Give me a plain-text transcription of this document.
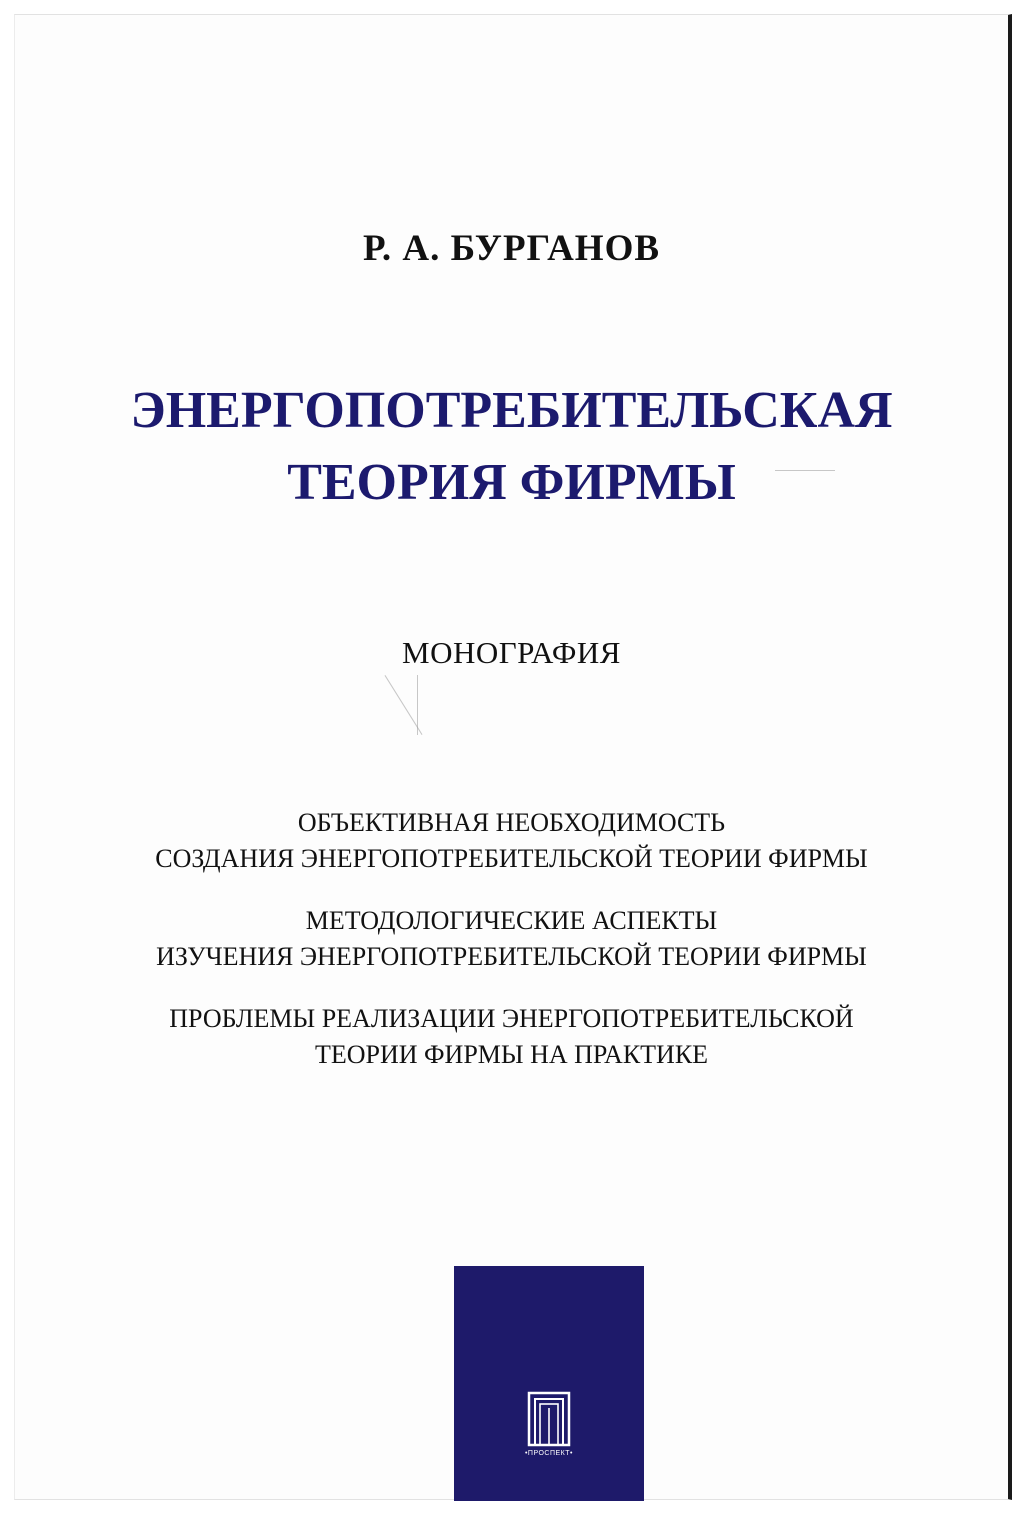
Р. А. БУРГАНОВ
ЭНЕРГОПОТРЕБИТЕЛЬСКАЯ
ТЕОРИЯ ФИРМЫ
МОНОГРАФИЯ
ОБЪЕКТИВНАЯ НЕОБХОДИМОСТЬ
СОЗДАНИЯ ЭНЕРГОПОТРЕБИТЕЛЬСКОЙ ТЕОРИИ ФИРМЫ
МЕТОДОЛОГИЧЕСКИЕ АСПЕКТЫ
ИЗУЧЕНИЯ ЭНЕРГОПОТРЕБИТЕЛЬСКОЙ ТЕОРИИ ФИРМЫ
ПРОБЛЕМЫ РЕАЛИЗАЦИИ ЭНЕРГОПОТРЕБИТЕЛЬСКОЙ
ТЕОРИИ ФИРМЫ НА ПРАКТИКЕ
•ПРОСПЕКТ•
